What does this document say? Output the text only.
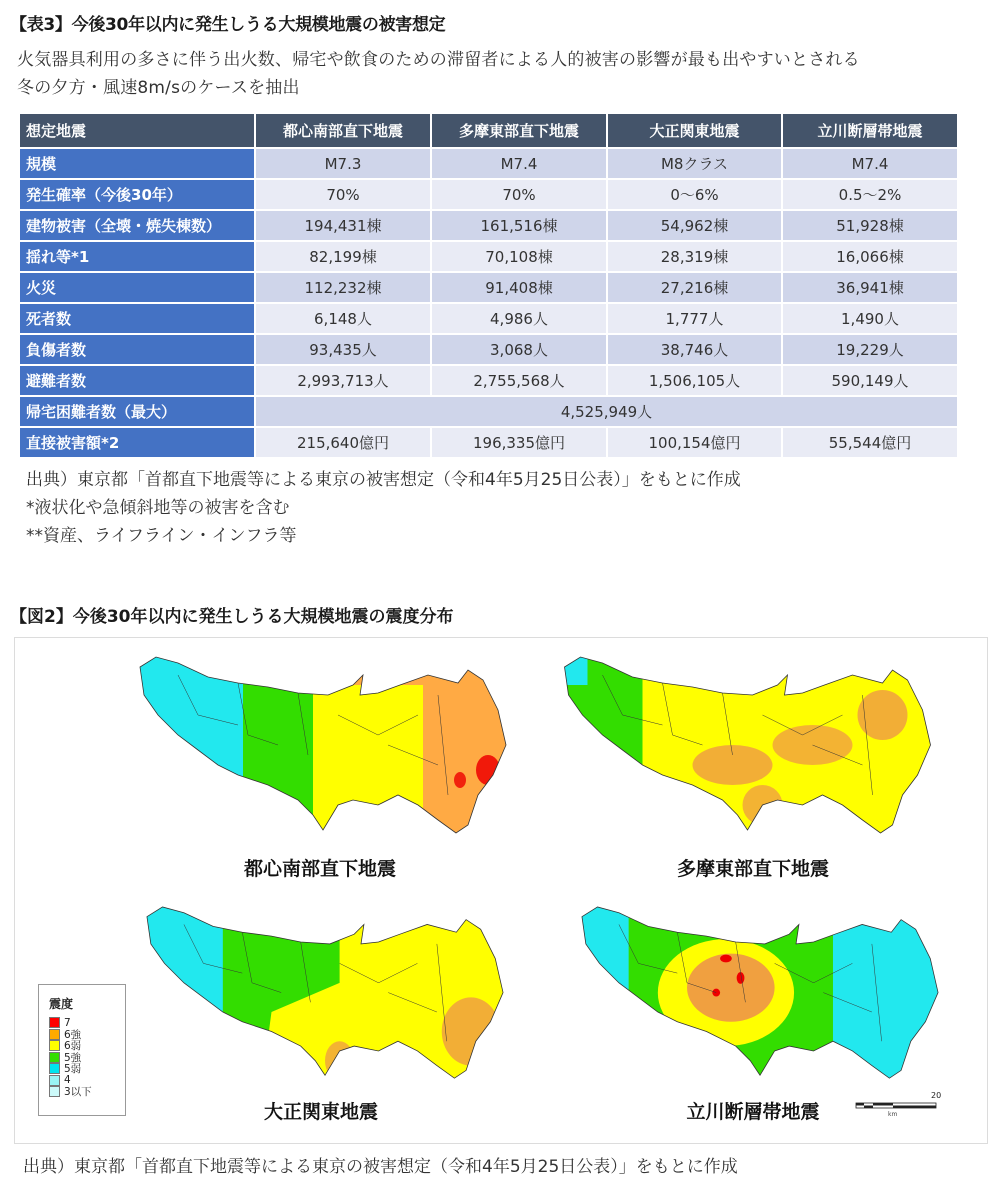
【表3】今後30年以内に発生しうる大規模地震の被害想定
火気器具利用の多さに伴う出火数、帰宅や飲食のための滞留者による人的被害の影響が最も出やすいとされる
冬の夕方・風速8m/sのケースを抽出
想定地震	都心南部直下地震	多摩東部直下地震	大正関東地震	立川断層帯地震
規模	M7.3	M7.4	M8クラス	M7.4
発生確率（今後30年）	70%	70%	0〜6%	0.5〜2%
建物被害（全壊・焼失棟数）	194,431棟	161,516棟	54,962棟	51,928棟
揺れ等*1	82,199棟	70,108棟	28,319棟	16,066棟
火災	112,232棟	91,408棟	27,216棟	36,941棟
死者数	6,148人	4,986人	1,777人	1,490人
負傷者数	93,435人	3,068人	38,746人	19,229人
避難者数	2,993,713人	2,755,568人	1,506,105人	590,149人
帰宅困難者数（最大）	4,525,949人			
直接被害額*2	215,640億円	196,335億円	100,154億円	55,544億円
出典）東京都「首都直下地震等による東京の被害想定（令和4年5月25日公表）」をもとに作成
*液状化や急傾斜地等の被害を含む
**資産、ライフライン・インフラ等
【図2】今後30年以内に発生しうる大規模地震の震度分布
都心南部直下地震	多摩東部直下地震
大正関東地震	立川断層帯地震
震度
7
6強
6弱
5強
5弱
4
3以下	20
km
出典）東京都「首都直下地震等による東京の被害想定（令和4年5月25日公表）」をもとに作成
